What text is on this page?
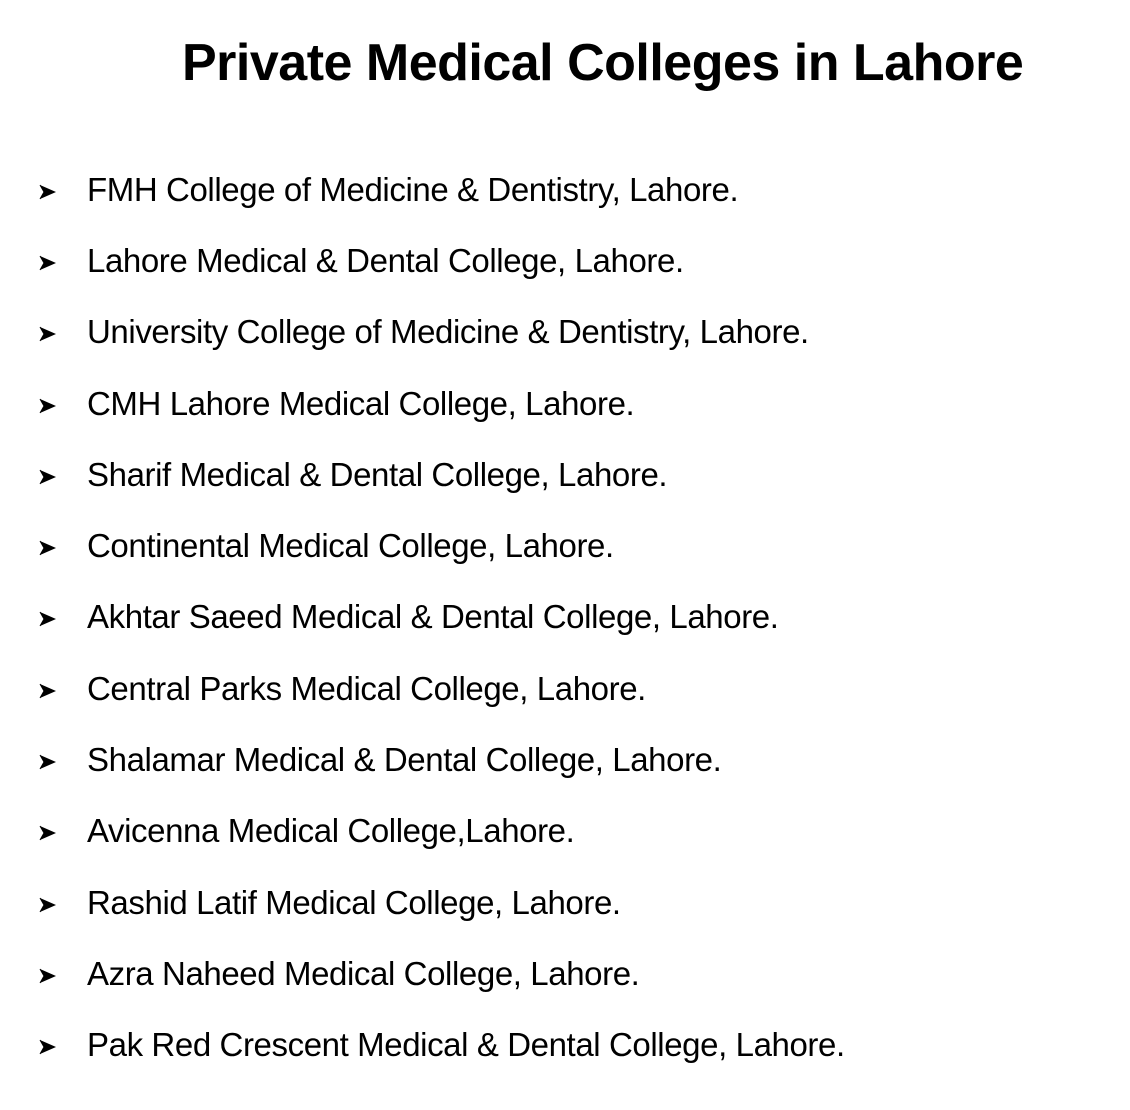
Private Medical Colleges in Lahore
FMH College of Medicine & Dentistry, Lahore.
Lahore Medical & Dental College, Lahore.
University College of Medicine & Dentistry, Lahore.
CMH Lahore Medical College, Lahore.
Sharif Medical & Dental College, Lahore.
Continental Medical College, Lahore.
Akhtar Saeed Medical & Dental College, Lahore.
Central Parks Medical College, Lahore.
Shalamar Medical & Dental College, Lahore.
Avicenna Medical College,Lahore.
Rashid Latif Medical College, Lahore.
Azra Naheed Medical College, Lahore.
Pak Red Crescent Medical & Dental College, Lahore.
